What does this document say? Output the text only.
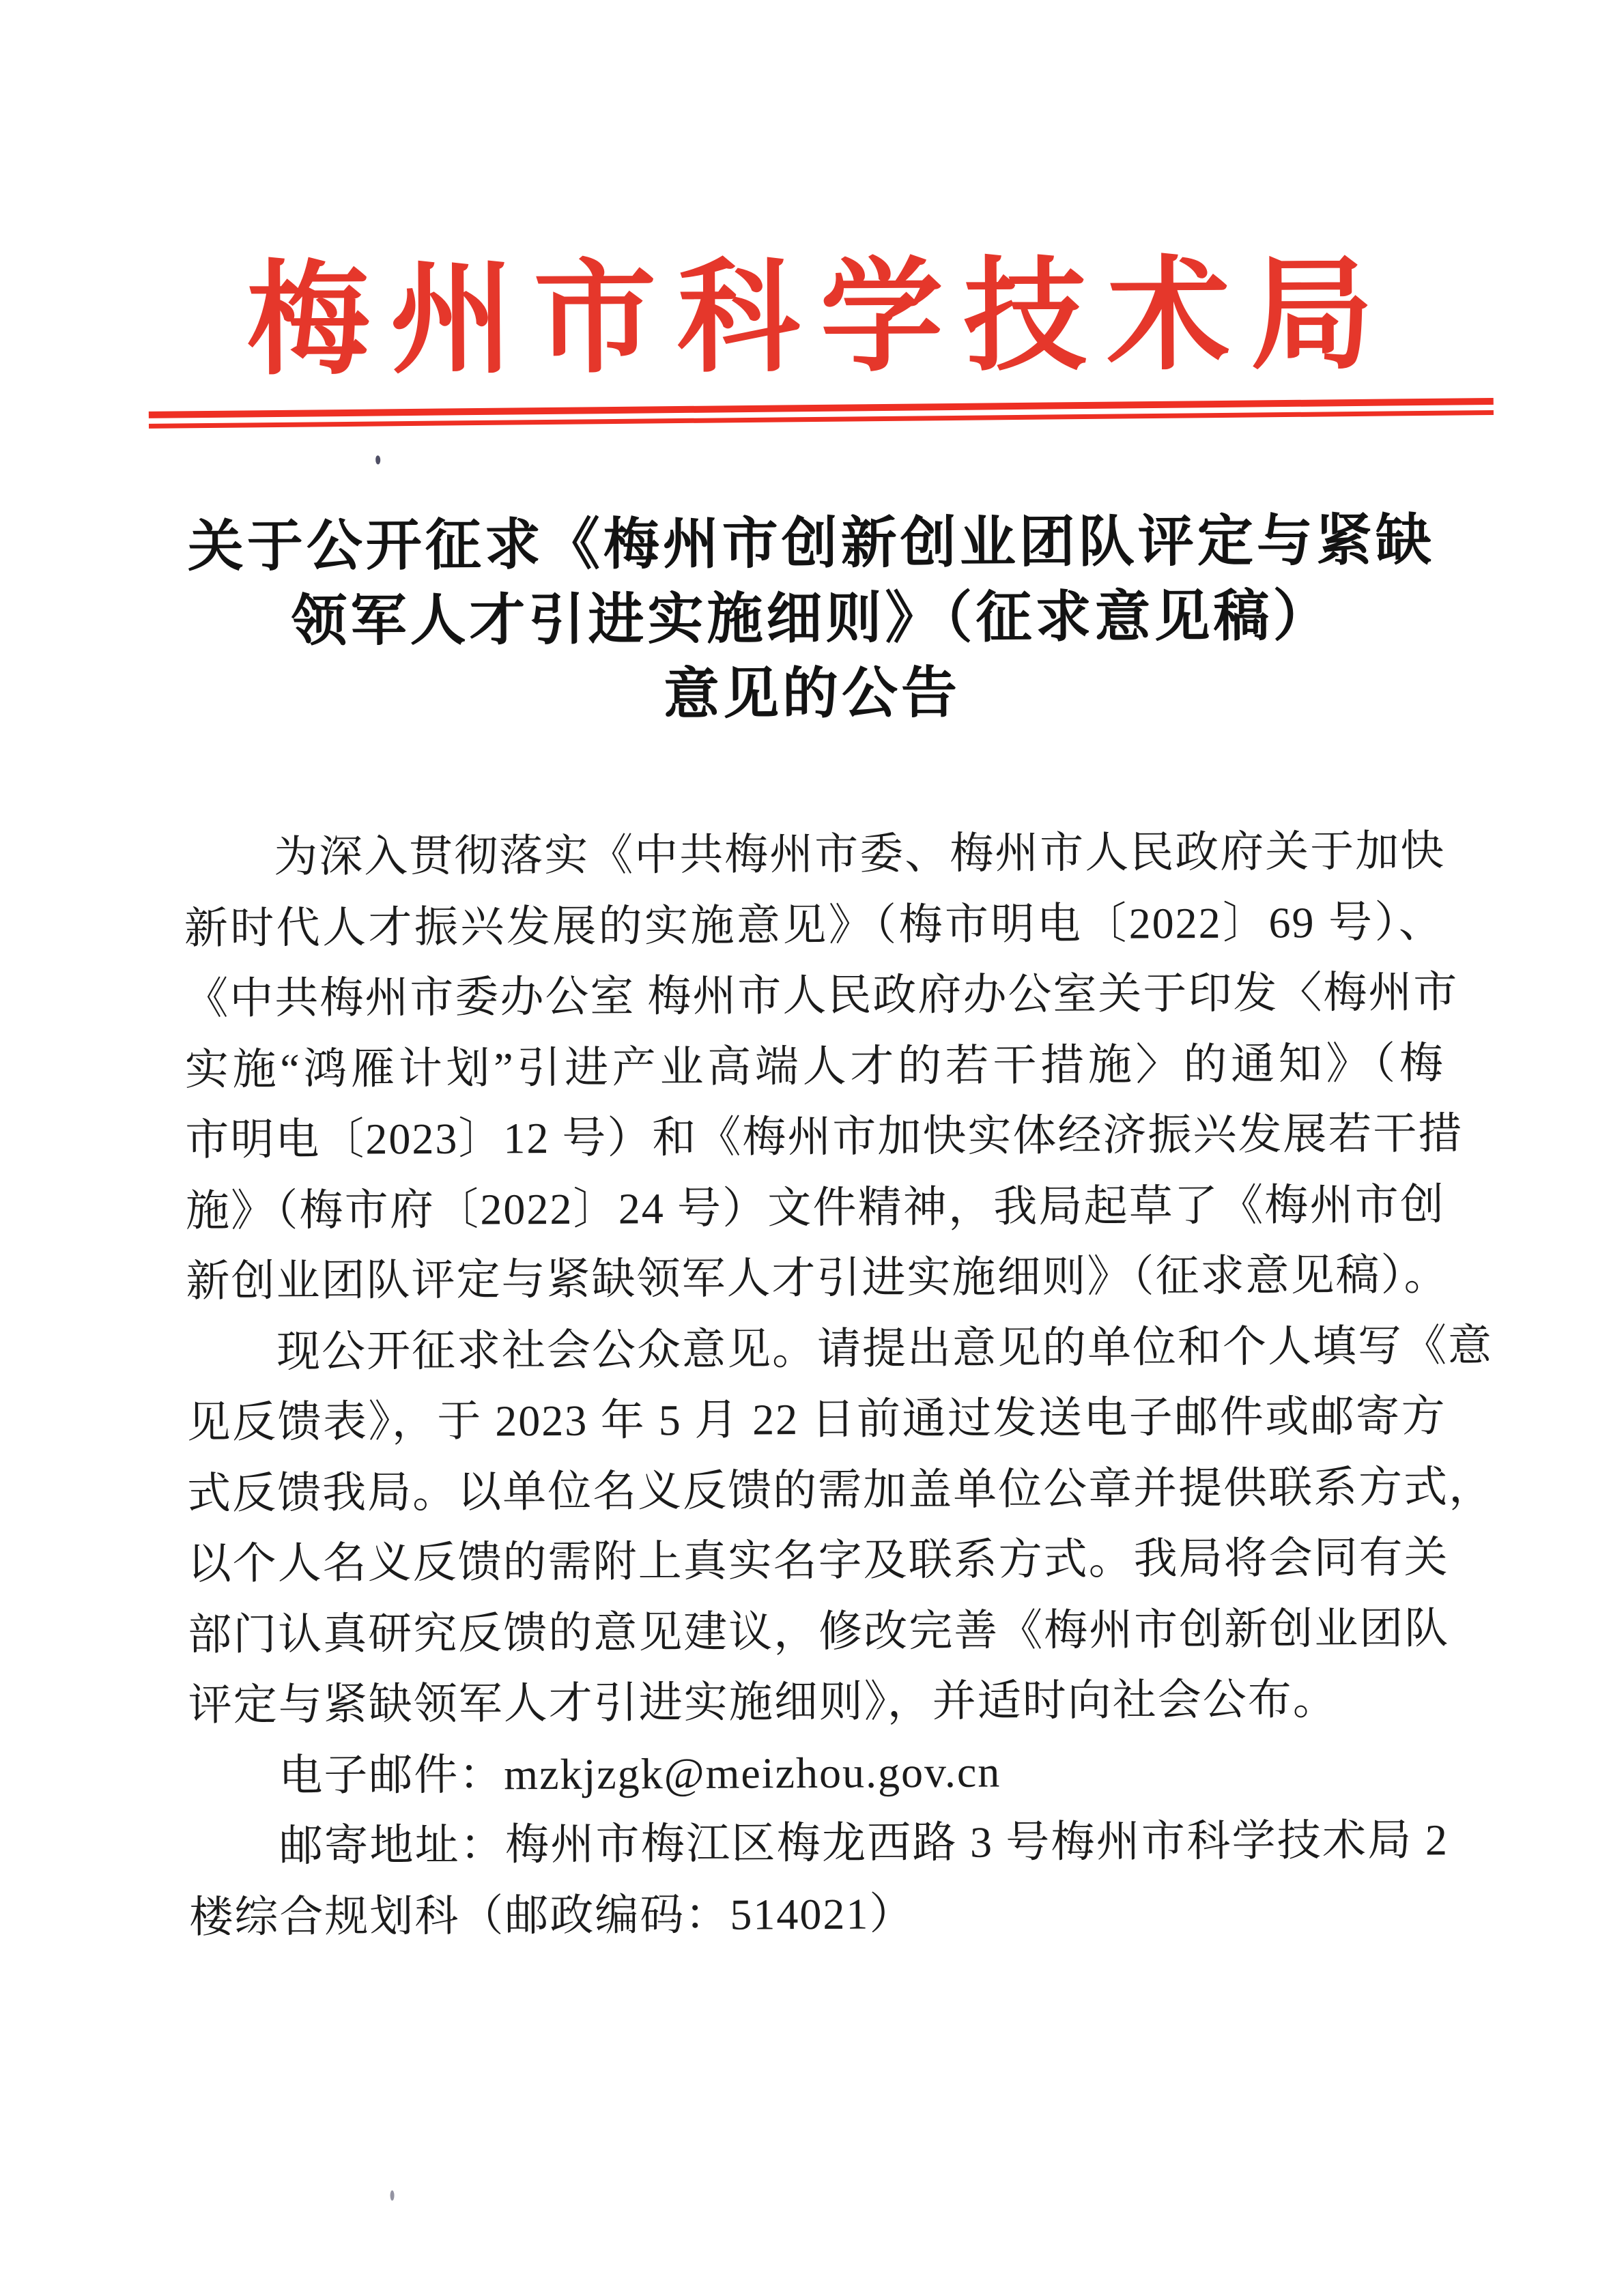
梅州市科学技术局
关于公开征求《梅州市创新创业团队评定与紧缺
领军人才引进实施细则》（征求意见稿）
意见的公告
为深入贯彻落实《中共梅州市委、梅州市人民政府关于加快
新时代人才振兴发展的实施意见》（梅市明电〔2022〕69 号）、
《中共梅州市委办公室 梅州市人民政府办公室关于印发〈梅州市
实施“鸿雁计划”引进产业高端人才的若干措施〉的通知》（梅
市明电〔2023〕12 号）和《梅州市加快实体经济振兴发展若干措
施》（梅市府〔2022〕24 号）文件精神，我局起草了《梅州市创
新创业团队评定与紧缺领军人才引进实施细则》（征求意见稿）。
现公开征求社会公众意见。请提出意见的单位和个人填写《意
见反馈表》，于 2023 年 5 月 22 日前通过发送电子邮件或邮寄方
式反馈我局。以单位名义反馈的需加盖单位公章并提供联系方式，
以个人名义反馈的需附上真实名字及联系方式。我局将会同有关
部门认真研究反馈的意见建议，修改完善《梅州市创新创业团队
评定与紧缺领军人才引进实施细则》，并适时向社会公布。
电子邮件：mzkjzgk@meizhou.gov.cn
邮寄地址：梅州市梅江区梅龙西路 3 号梅州市科学技术局 2
楼综合规划科（邮政编码：514021）
